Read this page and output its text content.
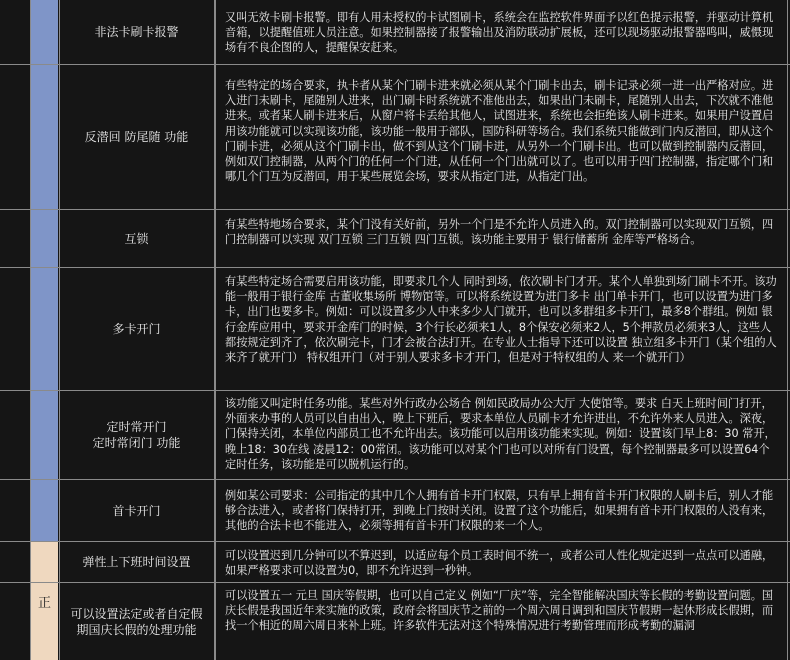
正
非法卡刷卡报警
又叫无效卡刷卡报警。即有人用未授权的卡试图刷卡，系统会在监控软件界面予以红色提示报警，并驱动计算机音箱，以提醒值班人员注意。如果控制器接了报警输出及消防联动扩展板，还可以现场驱动报警器鸣叫，威慑现场有不良企图的人，提醒保安赶来。
反潜回 防尾随 功能
有些特定的场合要求，执卡者从某个门刷卡进来就必须从某个门刷卡出去，刷卡记录必须一进一出严格对应。进入进门未刷卡，尾随别人进来，出门刷卡时系统就不准他出去，如果出门未刷卡，尾随别人出去，下次就不准他进来。或者某人刷卡进来后，从窗户将卡丢给其他人，试图进来，系统也会拒绝该人刷卡进来。如果用户设置启用该功能就可以实现该功能，该功能一般用于部队，国防科研等场合。我们系统只能做到门内反潜回，即从这个门刷卡进，必须从这个门刷卡出，做不到从这个门刷卡进，从另外一个门刷卡出。也可以做到控制器内反潜回，例如双门控制器，从两个门的任何一个门进，从任何一个门出就可以了。也可以用于四门控制器，指定哪个门和哪几个门互为反潜回，用于某些展览会场，要求从指定门进，从指定门出。
互锁
有某些特地场合要求，某个门没有关好前，另外一个门是不允许人员进入的。双门控制器可以实现双门互锁，四门控制器可以实现 双门互锁 三门互锁 四门互锁。该功能主要用于 银行储蓄所 金库等严格场合。
多卡开门
有某些特定场合需要启用该功能，即要求几个人 同时到场，依次刷卡门才开。某个人单独到场门刷卡不开。该功能一般用于银行金库 古董收集场所 博物馆等。可以将系统设置为进门多卡 出门单卡开门，也可以设置为进门多卡，出门也要多卡。例如：可以设置多少人中来多少人门就开，也可以多群组多卡开门，最多8个群组。例如 银行金库应用中，要求开金库门的时候，3个行长必须来1人，8个保安必须来2人，5个押款员必须来3人，这些人都按规定到齐了，依次刷完卡，门才会被合法打开。在专业人士指导下还可以设置 独立组多卡开门（某个组的人来齐了就开门） 特权组开门（对于别人要求多卡才开门，但是对于特权组的人 来一个就开门）
定时常开门
定时常闭门 功能
该功能又叫定时任务功能。某些对外行政办公场合 例如民政局办公大厅 大使馆等。要求 白天上班时间门打开，外面来办事的人员可以自由出入，晚上下班后，要求本单位人员刷卡才允许进出，不允许外来人员进入。深夜，门保持关闭，本单位内部员工也不允许出去。该功能可以启用该功能来实现。例如：设置该门早上8：30 常开，晚上18：30在线 凌晨12：00常闭。该功能可以对某个门也可以对所有门设置，每个控制器最多可以设置64个定时任务，该功能是可以脱机运行的。
首卡开门
例如某公司要求：公司指定的其中几个人拥有首卡开门权限，只有早上拥有首卡开门权限的人刷卡后，别人才能够合法进入，或者将门保持打开，到晚上门按时关闭。设置了这个功能后，如果拥有首卡开门权限的人没有来，其他的合法卡也不能进入，必须等拥有首卡开门权限的来一个人。
弹性上下班时间设置	可以设置迟到几分钟可以不算迟到，以适应每个员工表时间不统一，或者公司人性化规定迟到一点点可以通融，如果严格要求可以设置为0，即不允许迟到一秒钟。
可以设置法定或者自定假期国庆长假的处理功能
可以设置五一 元旦 国庆等假期，也可以自己定义 例如“厂庆”等，完全智能解决国庆等长假的考勤设置问题。国庆长假是我国近年来实施的政策，政府会将国庆节之前的一个周六周日调到和国庆节假期一起休形成长假期，而找一个相近的周六周日来补上班。许多软件无法对这个特殊情况进行考勤管理而形成考勤的漏洞
